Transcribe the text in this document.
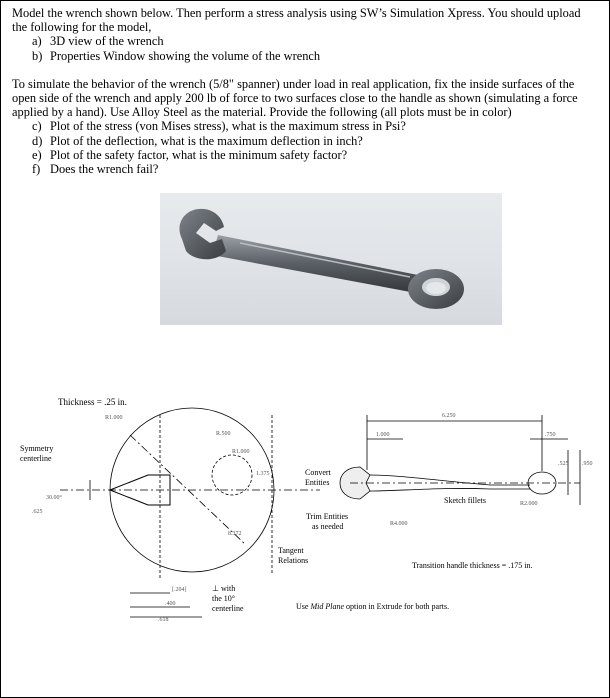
Model the wrench shown below. Then perform a stress analysis using SW’s Simulation Xpress. You should upload

the following for the model,

a) 3D view of the wrench

b) Properties Window showing the volume of the wrench

To simulate the behavior of the wrench (5/8" spanner) under load in real application, fix the inside surfaces of the

open side of the wrench and apply 200 lb of force to two surfaces close to the handle as shown (simulating a force

applied by a hand). Use Alloy Steel as the material. Provide the following (all plots must be in color)

c) Plot of the stress (von Mises stress), what is the maximum stress in Psi?

d) Plot of the deflection, what is the maximum deflection in inch?

e) Plot of the safety factor, what is the minimum safety factor?

f) Does the wrench fail?

Thickness = .25 in.
R1.000
R.500
R1.000
1.375
30.00°
.625
8.372
[.204]
.400
.618
Symmetry
centerline
⊥ with
the 10°
centerline
Tangent
Relations
Convert
Entities
Trim Entities
as needed
6.250
1.000	.750
.525 .950
R2.000
R4.000
Sketch fillets
Transition handle thickness = .175 in.
Use Mid Plane option in Extrude for both parts.
